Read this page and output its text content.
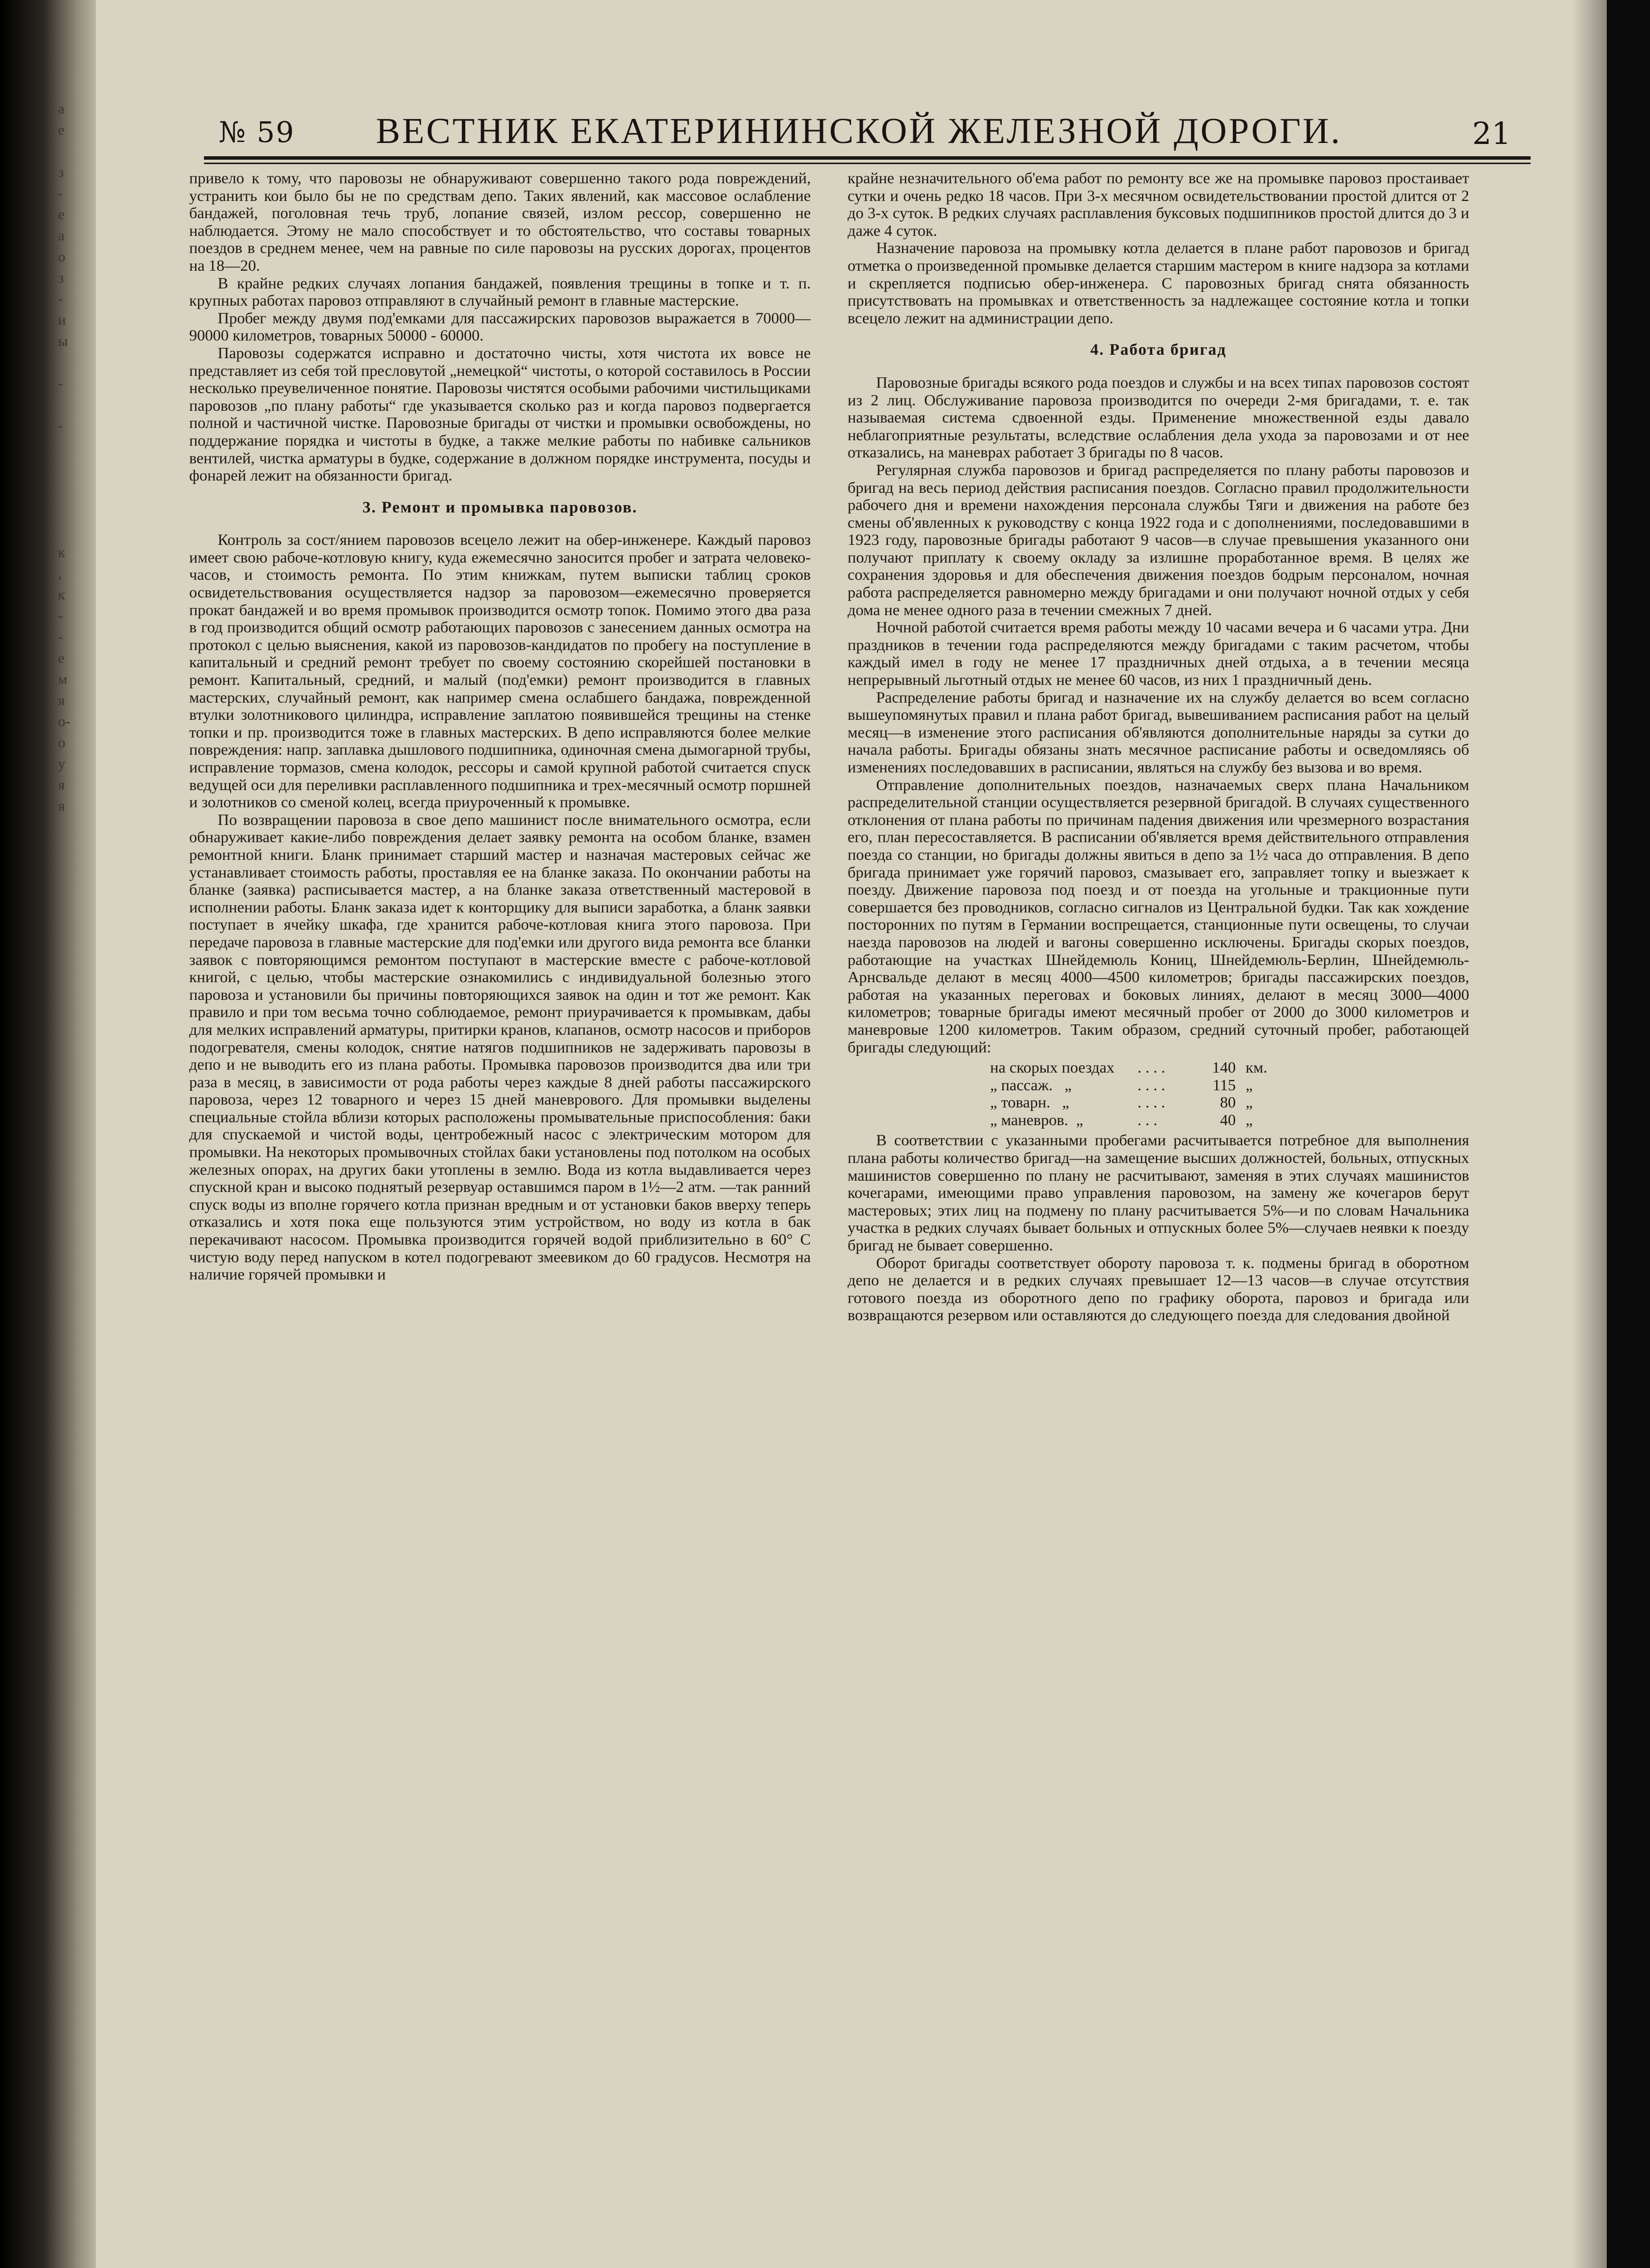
а
е

з
-
е
а
о
з
-
и
ы

-

-

к
,
к
-
-
е
м
я
о-
о
у
я
я
№ 59 ВЕСТНИК ЕКАТЕРИНИНСКОЙ ЖЕЛЕЗНОЙ ДОРОГИ.	21

привело к тому, что паровозы не обнаруживают совершенно такого рода повреждений, устранить кои было бы не по средствам депо. Таких явлений, как массовое ослабление бандажей, поголовная течь труб, лопание связей, излом рессор, совершенно не наблюдается. Этому не мало способствует и то обстоятельство, что составы товарных поездов в среднем менее, чем на равные по силе паровозы на русских дорогах, процентов на 18—20.

В крайне редких случаях лопания бандажей, появления трещины в топке и т. п. крупных работах паровоз отправляют в случайный ремонт в главные мастерские.

Пробег между двумя под'емками для пассажирских паровозов выражается в 70000—90000 километров, товарных 50000 - 60000.

Паровозы содержатся исправно и достаточно чисты, хотя чистота их вовсе не представляет из себя той пресловутой „немецкой“ чистоты, о которой составилось в России несколько преувеличенное понятие. Паровозы чистятся особыми рабочими чистильщиками паровозов „по плану работы“ где указывается сколько раз и когда паровоз подвергается полной и частичной чистке. Паровозные бригады от чистки и промывки освобождены, но поддержание порядка и чистоты в будке, а также мелкие работы по набивке сальников вентилей, чистка арматуры в будке, содержание в должном порядке инструмента, посуды и фонарей лежит на обязанности бригад.

3. Ремонт и промывка паровозов.

Контроль за сост/янием паровозов всецело лежит на обер-инженере. Каждый паровоз имеет свою рабоче-котловую книгу, куда ежемесячно заносится пробег и затрата человеко-часов, и стоимость ремонта. По этим книжкам, путем выписки таблиц сроков освидетельствования осуществляется надзор за паровозом—ежемесячно проверяется прокат бандажей и во время промывок производится осмотр топок. Помимо этого два раза в год производится общий осмотр работающих паровозов с занесением данных осмотра на протокол с целью выяснения, какой из паровозов-кандидатов по пробегу на поступление в капитальный и средний ремонт требует по своему состоянию скорейшей постановки в ремонт. Капитальный, средний, и малый (под'емки) ремонт производится в главных мастерских, случайный ремонт, как например смена ослабшего бандажа, поврежденной втулки золотникового цилиндра, исправление заплатою появившейся трещины на стенке топки и пр. производится тоже в главных мастерских. В депо исправляются более мелкие повреждения: напр. заплавка дышлового подшипника, одиночная смена дымогарной трубы, исправление тормазов, смена колодок, рессоры и самой крупной работой считается спуск ведущей оси для переливки расплавленного подшипника и трех-месячный осмотр поршней и золотников со сменой колец, всегда приуроченный к промывке.

По возвращении паровоза в свое депо машинист после внимательного осмотра, если обнаруживает какие-либо повреждения делает заявку ремонта на особом бланке, взамен ремонтной книги. Бланк принимает старший мастер и назначая мастеровых сейчас же устанавливает стоимость работы, проставляя ее на бланке заказа. По окончании работы на бланке (заявка) расписывается мастер, а на бланке заказа ответственный мастеровой в исполнении работы. Бланк заказа идет к конторщику для выписи заработка, а бланк заявки поступает в ячейку шкафа, где хранится рабоче-котловая книга этого паровоза. При передаче паровоза в главные мастерские для под'емки или другого вида ремонта все бланки заявок с повторяющимся ремонтом поступают в мастерские вместе с рабоче-котловой книгой, с целью, чтобы мастерские ознакомились с индивидуальной болезнью этого паровоза и установили бы причины повторяющихся заявок на один и тот же ремонт. Как правило и при том весьма точно соблюдаемое, ремонт приурачивается к промывкам, дабы для мелких исправлений арматуры, притирки кранов, клапанов, осмотр насосов и приборов подогревателя, смены колодок, снятие натягов подшипников не задерживать паровозы в депо и не выводить его из плана работы. Промывка паровозов производится два или три раза в месяц, в зависимости от рода работы через каждые 8 дней работы пассажирского паровоза, через 12 товарного и через 15 дней маневрового. Для промывки выделены специальные стойла вблизи которых расположены промывательные приспособления: баки для спускаемой и чистой воды, центробежный насос с электрическим мотором для промывки. На некоторых промывочных стойлах баки установлены под потолком на особых железных опорах, на других баки утоплены в землю. Вода из котла выдавливается через спускной кран и высоко поднятый резервуар оставшимся паром в 1½—2 атм. —так ранний спуск воды из вполне горячего котла признан вредным и от установки баков вверху теперь отказались и хотя пока еще пользуются этим устройством, но воду из котла в бак перекачивают насосом. Промывка производится горячей водой приблизительно в 60° С чистую воду перед напуском в котел подогревают змеевиком до 60 градусов. Несмотря на наличие горячей промывки и

крайне незначительного об'ема работ по ремонту все же на промывке паровоз простаивает сутки и очень редко 18 часов. При 3-х месячном освидетельствовании простой длится от 2 до 3-х суток. В редких случаях расплавления буксовых подшипников простой длится до 3 и даже 4 суток.

Назначение паровоза на промывку котла делается в плане работ паровозов и бригад отметка о произведенной промывке делается старшим мастером в книге надзора за котлами и скрепляется подписью обер-инженера. С паровозных бригад снята обязанность присутствовать на промывках и ответственность за надлежащее состояние котла и топки всецело лежит на администрации депо.

4. Работа бригад

Паровозные бригады всякого рода поездов и службы и на всех типах паровозов состоят из 2 лиц. Обслуживание паровоза производится по очереди 2-мя бригадами, т. е. так называемая система сдвоенной езды. Применение множественной езды давало неблагоприятные результаты, вследствие ослабления дела ухода за паровозами и от нее отказались, на маневрах работает 3 бригады по 8 часов.

Регулярная служба паровозов и бригад распределяется по плану работы паровозов и бригад на весь период действия расписания поездов. Согласно правил продолжительности рабочего дня и времени нахождения персонала службы Тяги и движения на работе без смены об'явленных к руководству с конца 1922 года и с дополнениями, последовавшими в 1923 году, паровозные бригады работают 9 часов—в случае превышения указанного они получают приплату к своему окладу за излишне проработанное время. В целях же сохранения здоровья и для обеспечения движения поездов бодрым персоналом, ночная работа распределяется равномерно между бригадами и они получают ночной отдых у себя дома не менее одного раза в течении смежных 7 дней.

Ночной работой считается время работы между 10 часами вечера и 6 часами утра. Дни праздников в течении года распределяются между бригадами с таким расчетом, чтобы каждый имел в году не менее 17 праздничных дней отдыха, а в течении месяца непрерывный льготный отдых не менее 60 часов, из них 1 праздничный день.

Распределение работы бригад и назначение их на службу делается во всем согласно вышеупомянутых правил и плана работ бригад, вывешиванием расписания работ на целый месяц—в изменение этого расписания об'являются дополнительные наряды за сутки до начала работы. Бригады обязаны знать месячное расписание работы и осведомляясь об изменениях последовавших в расписании, являться на службу без вызова и во время.

Отправление дополнительных поездов, назначаемых сверх плана Начальником распределительной станции осуществляется резервной бригадой. В случаях существенного отклонения от плана работы по причинам падения движения или чрезмерного возрастания его, план пересоставляется. В расписании об'является время действительного отправления поезда со станции, но бригады должны явиться в депо за 1½ часа до отправления. В депо бригада принимает уже горячий паровоз, смазывает его, заправляет топку и выезжает к поезду. Движение паровоза под поезд и от поезда на угольные и тракционные пути совершается без проводников, согласно сигналов из Центральной будки. Так как хождение посторонних по путям в Германии воспрещается, станционные пути освещены, то случаи наезда паровозов на людей и вагоны совершенно исключены. Бригады скорых поездов, работающие на участках Шнейдемюль Кониц, Шнейдемюль-Берлин, Шнейдемюль-Арнсвальде делают в месяц 4000—4500 километров; бригады пассажирских поездов, работая на указанных переговах и боковых линиях, делают в месяц 3000—4000 километров; товарные бригады имеют месячный пробег от 2000 до 3000 километров и маневровые 1200 километров. Таким образом, средний суточный пробег, работающей бригады следующий:

на скорых поездах	. . . .	140 км.
„ пассаж.   „	. . . .	115 „
„ товарн.   „	. . . .	80 „
„ маневров.  „	. . .	40 „

В соответствии с указанными пробегами расчитывается потребное для выполнения плана работы количество бригад—на замещение высших должностей, больных, отпускных машинистов совершенно по плану не расчитывают, заменяя в этих случаях машинистов кочегарами, имеющими право управления паровозом, на замену же кочегаров берут мастеровых; этих лиц на подмену по плану расчитывается 5%—и по словам Начальника участка в редких случаях бывает больных и отпускных более 5%—случаев неявки к поезду бригад не бывает совершенно.

Оборот бригады соответствует обороту паровоза т. к. подмены бригад в оборотном депо не делается и в редких случаях превышает 12—13 часов—в случае отсутствия готового поезда из оборотного депо по графику оборота, паровоз и бригада или возвращаются резервом или оставляются до следующего поезда для следования двойной
